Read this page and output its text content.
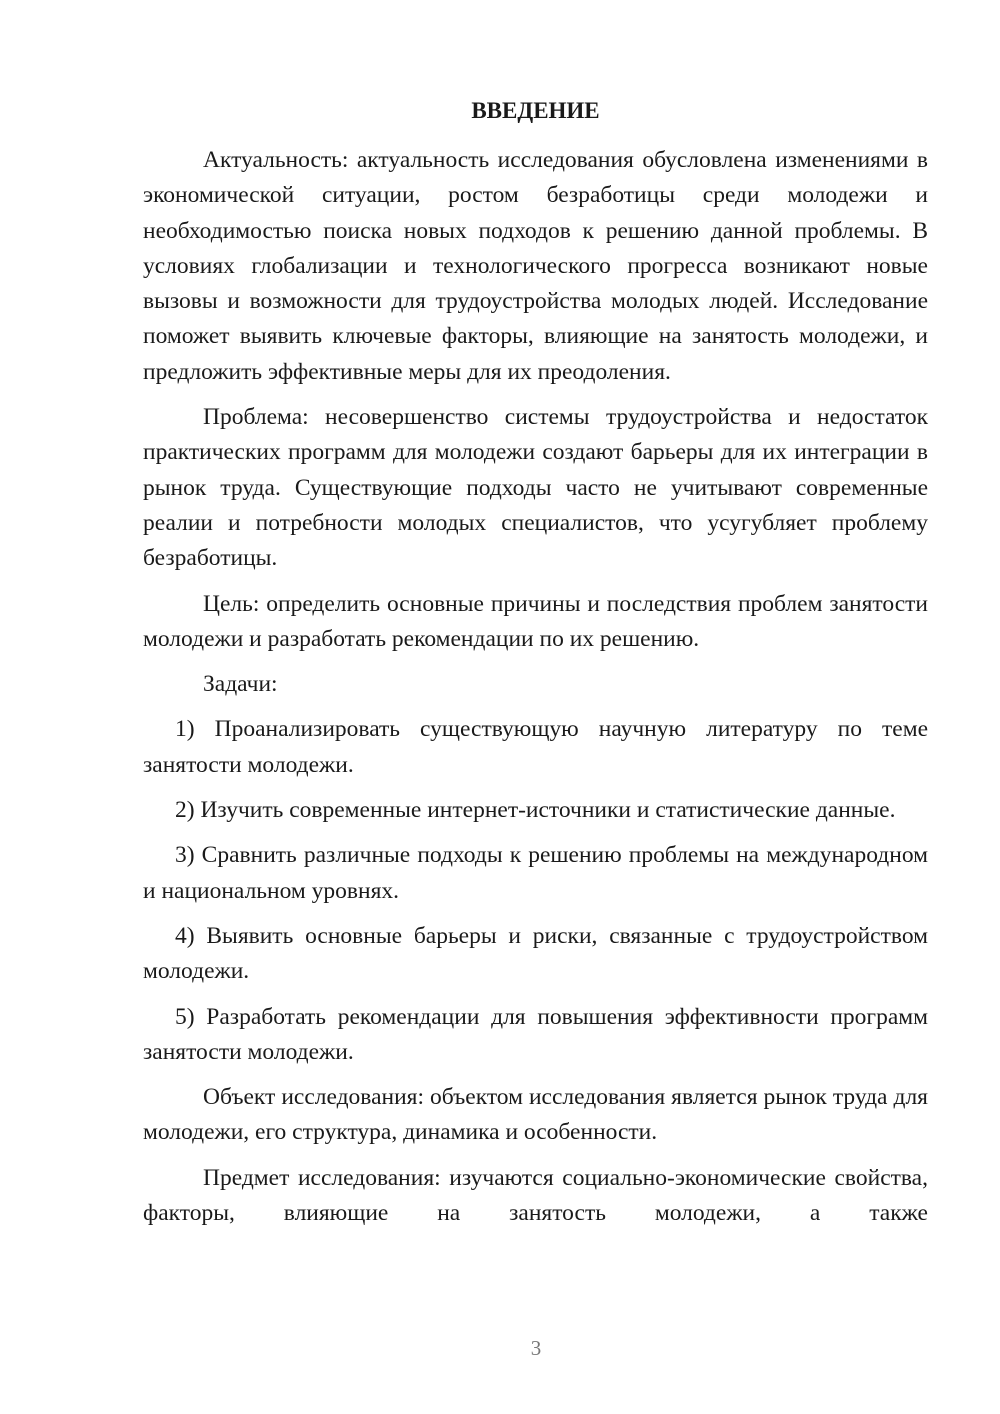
ВВЕДЕНИЕ

Актуальность: актуальность исследования обусловлена изменениями в экономической ситуации, ростом безработицы среди молодежи и необходимостью поиска новых подходов к решению данной проблемы. В условиях глобализации и технологического прогресса возникают новые вызовы и возможности для трудоустройства молодых людей. Исследование поможет выявить ключевые факторы, влияющие на занятость молодежи, и предложить эффективные меры для их преодоления.

Проблема: несовершенство системы трудоустройства и недостаток практических программ для молодежи создают барьеры для их интеграции в рынок труда. Существующие подходы часто не учитывают современные реалии и потребности молодых специалистов, что усугубляет проблему безработицы.

Цель: определить основные причины и последствия проблем занятости молодежи и разработать рекомендации по их решению.

Задачи:

1) Проанализировать существующую научную литературу по теме занятости молодежи.

2) Изучить современные интернет-источники и статистические данные.

3) Сравнить различные подходы к решению проблемы на международном и национальном уровнях.

4) Выявить основные барьеры и риски, связанные с трудоустройством молодежи.

5) Разработать рекомендации для повышения эффективности программ занятости молодежи.

Объект исследования: объектом исследования является рынок труда для молодежи, его структура, динамика и особенности.

Предмет исследования: изучаются социально-экономические свойства, факторы, влияющие на занятость молодежи, а также

3
